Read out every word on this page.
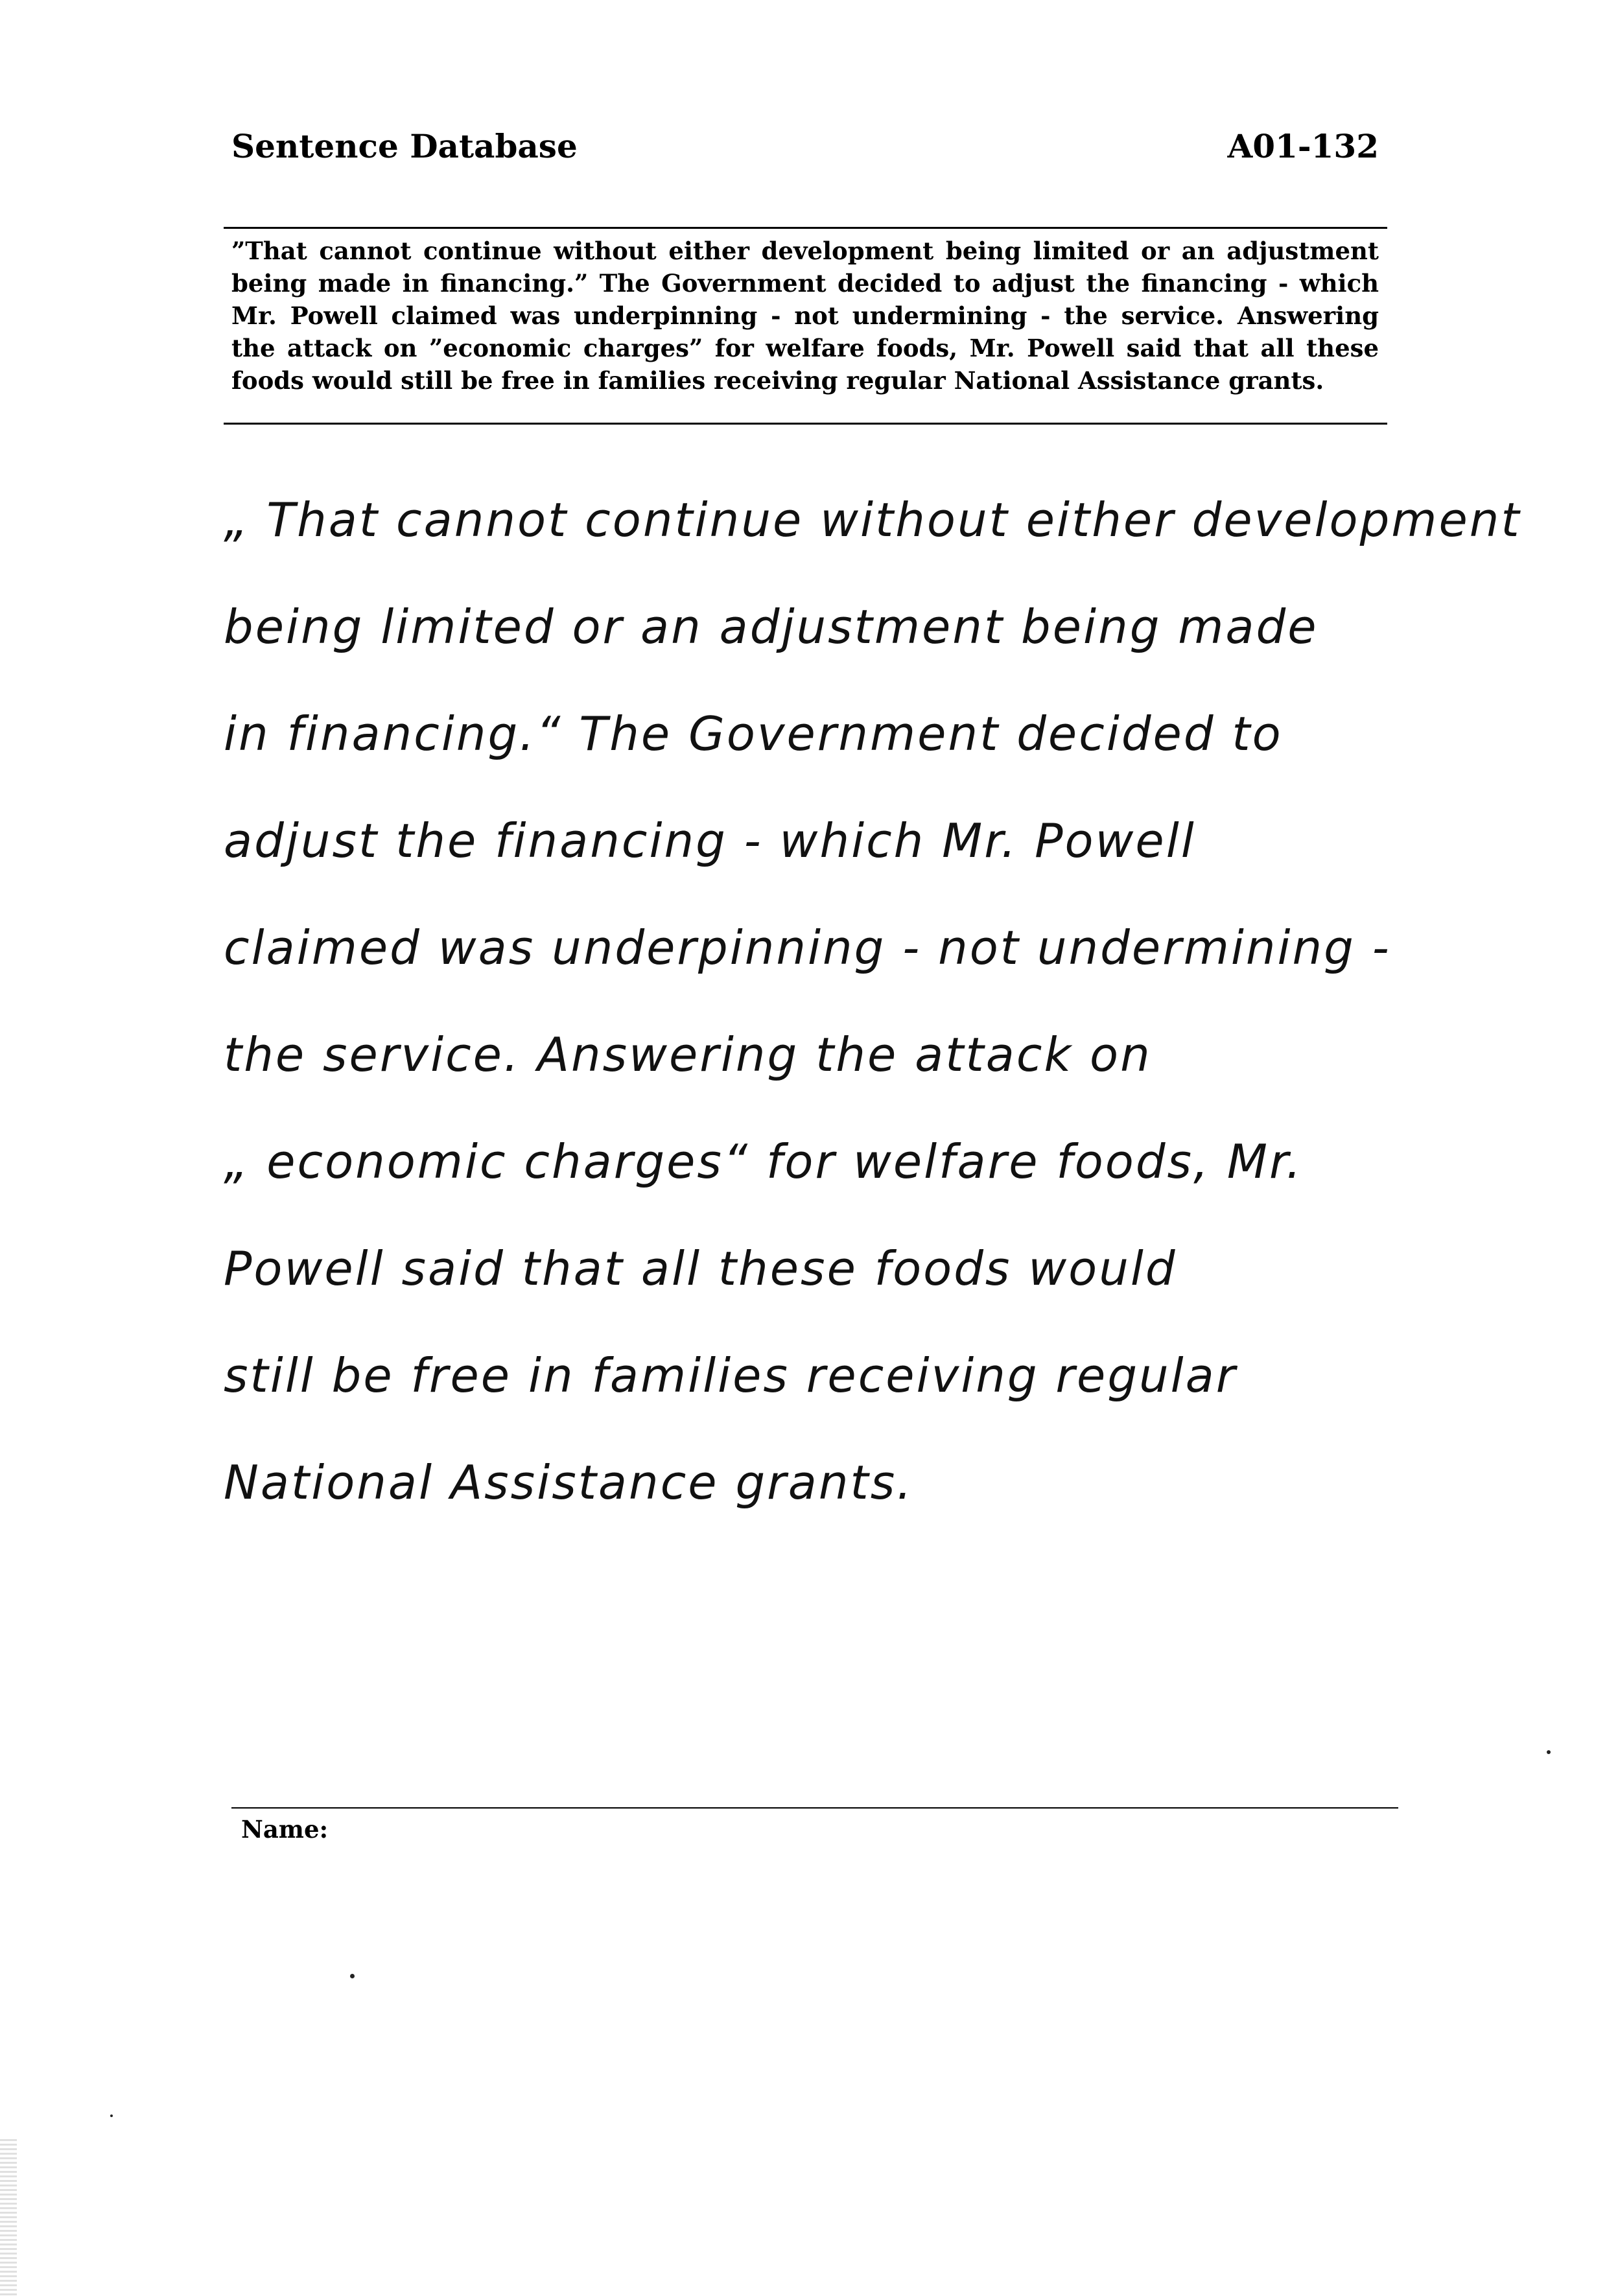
Sentence Database	A01-132
”That cannot continue without either development being limited or an adjustment
being made in financing.” The Government decided to adjust the financing - which
Mr. Powell claimed was underpinning - not undermining - the service. Answering
the attack on ”economic charges” for welfare foods, Mr. Powell said that all these
foods would still be free in families receiving regular National Assistance grants.
„ That cannot continue without either development
being limited or an adjustment being made
in financing.“ The Government decided to
adjust the financing - which Mr. Powell
claimed was underpinning - not undermining -
the service. Answering the attack on
„ economic charges“ for welfare foods, Mr.
Powell said that all these foods would
still be free in families receiving regular
National Assistance grants.
Name:
